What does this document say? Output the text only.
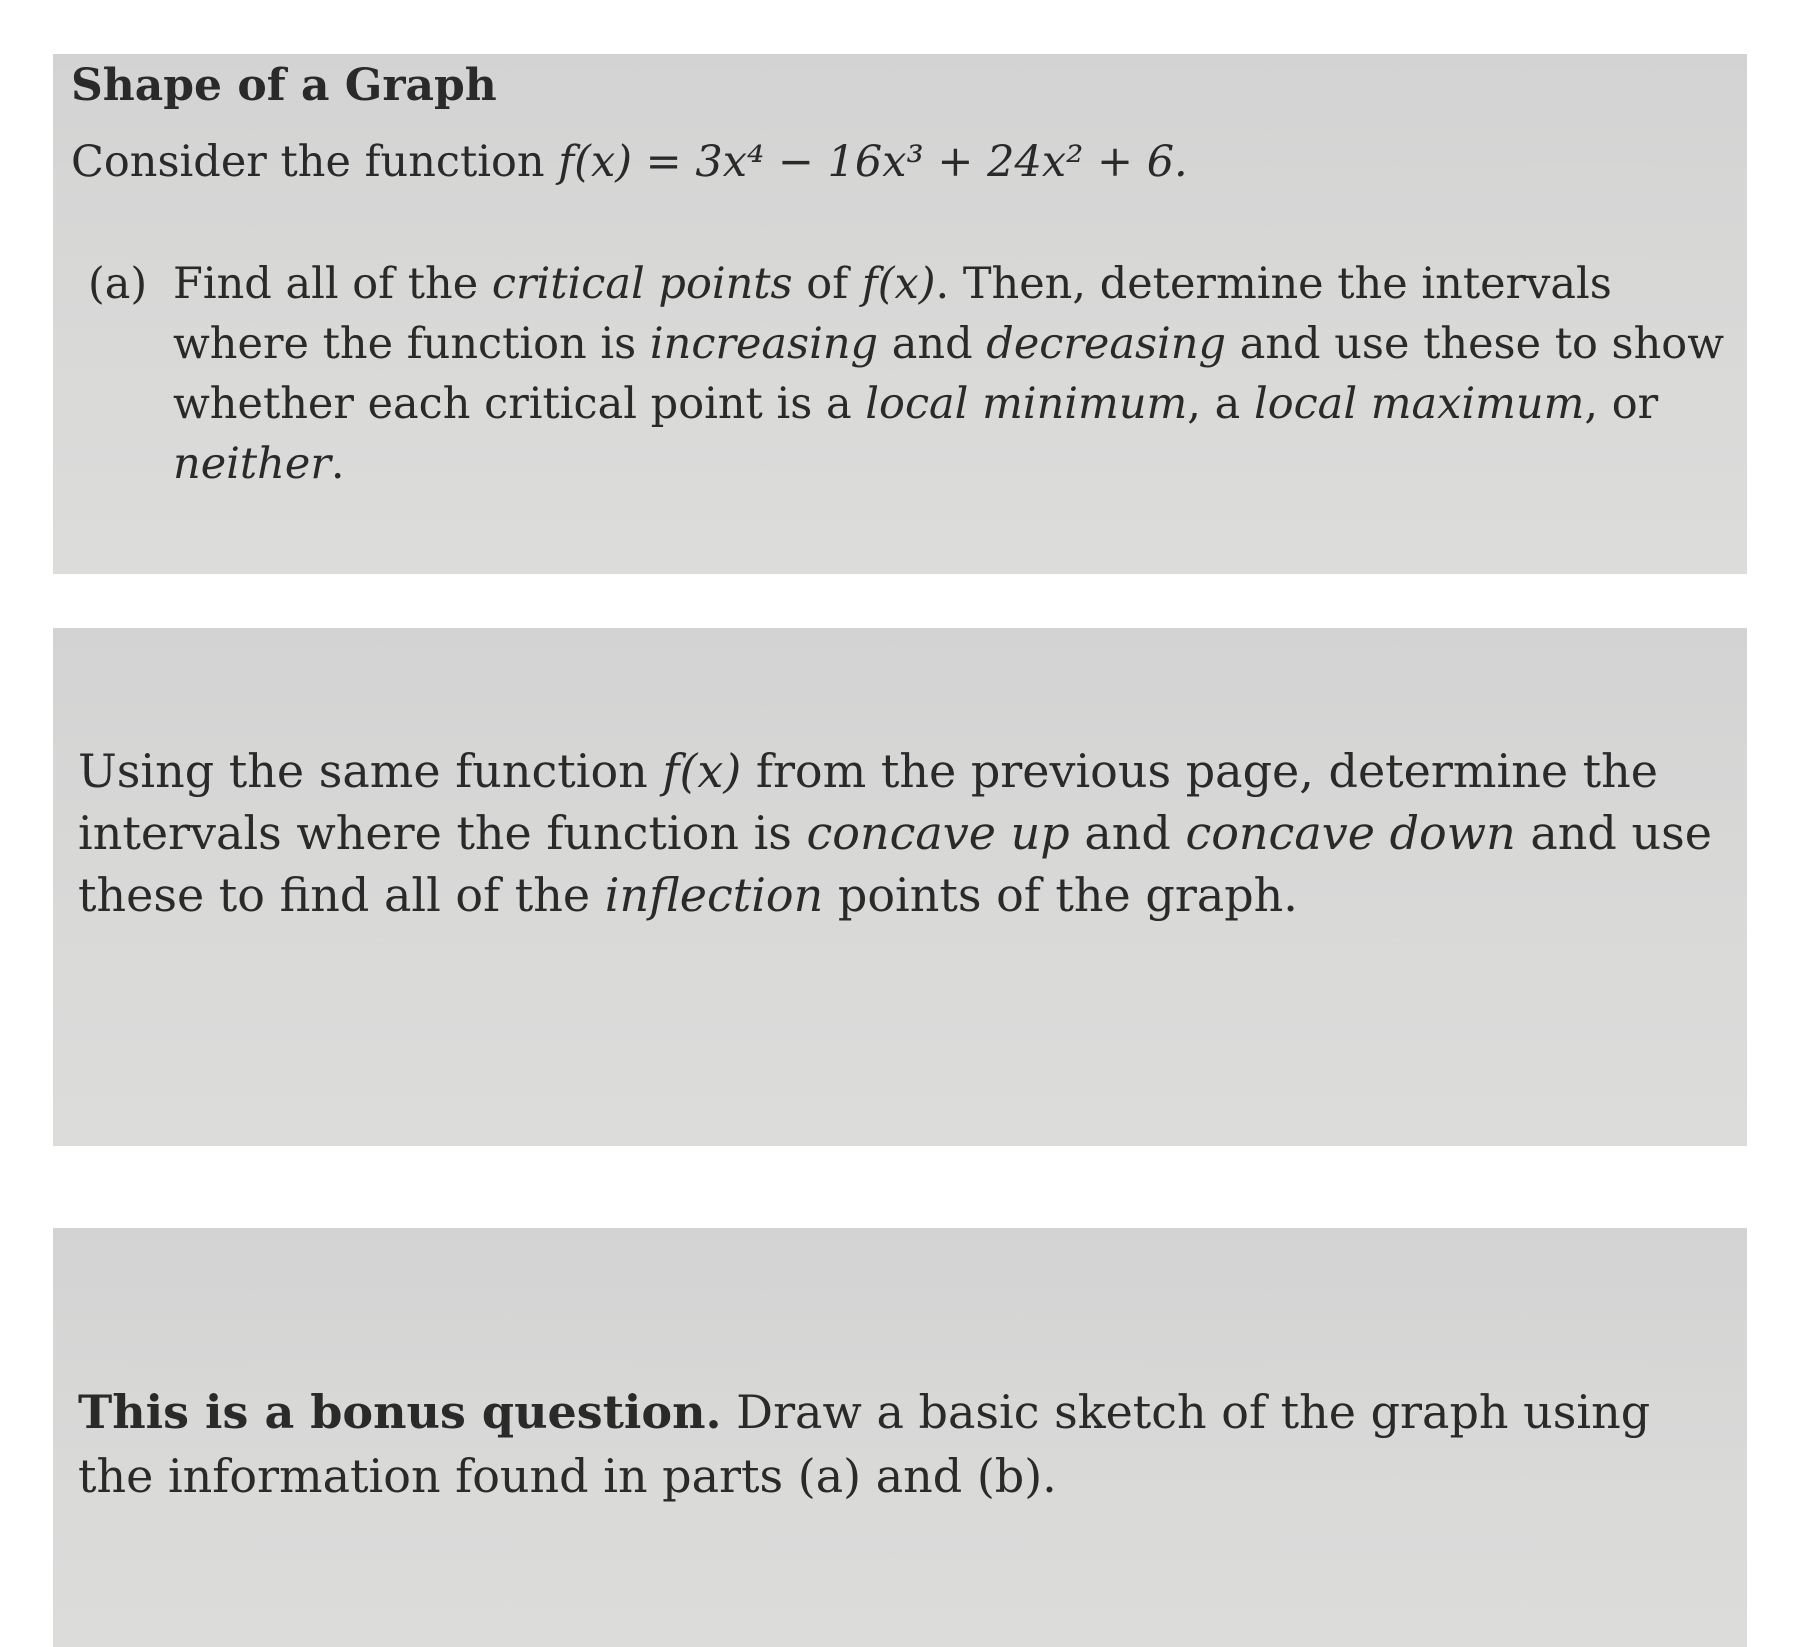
Shape of a Graph
Consider the function f(x) = 3x⁴ − 16x³ + 24x² + 6.
(a) Find all of the critical points of f(x). Then, determine the intervals
where the function is increasing and decreasing and use these to show
whether each critical point is a local minimum, a local maximum, or
neither.
Using the same function f(x) from the previous page, determine the
intervals where the function is concave up and concave down and use
these to find all of the inflection points of the graph.
This is a bonus question. Draw a basic sketch of the graph using
the information found in parts (a) and (b).
